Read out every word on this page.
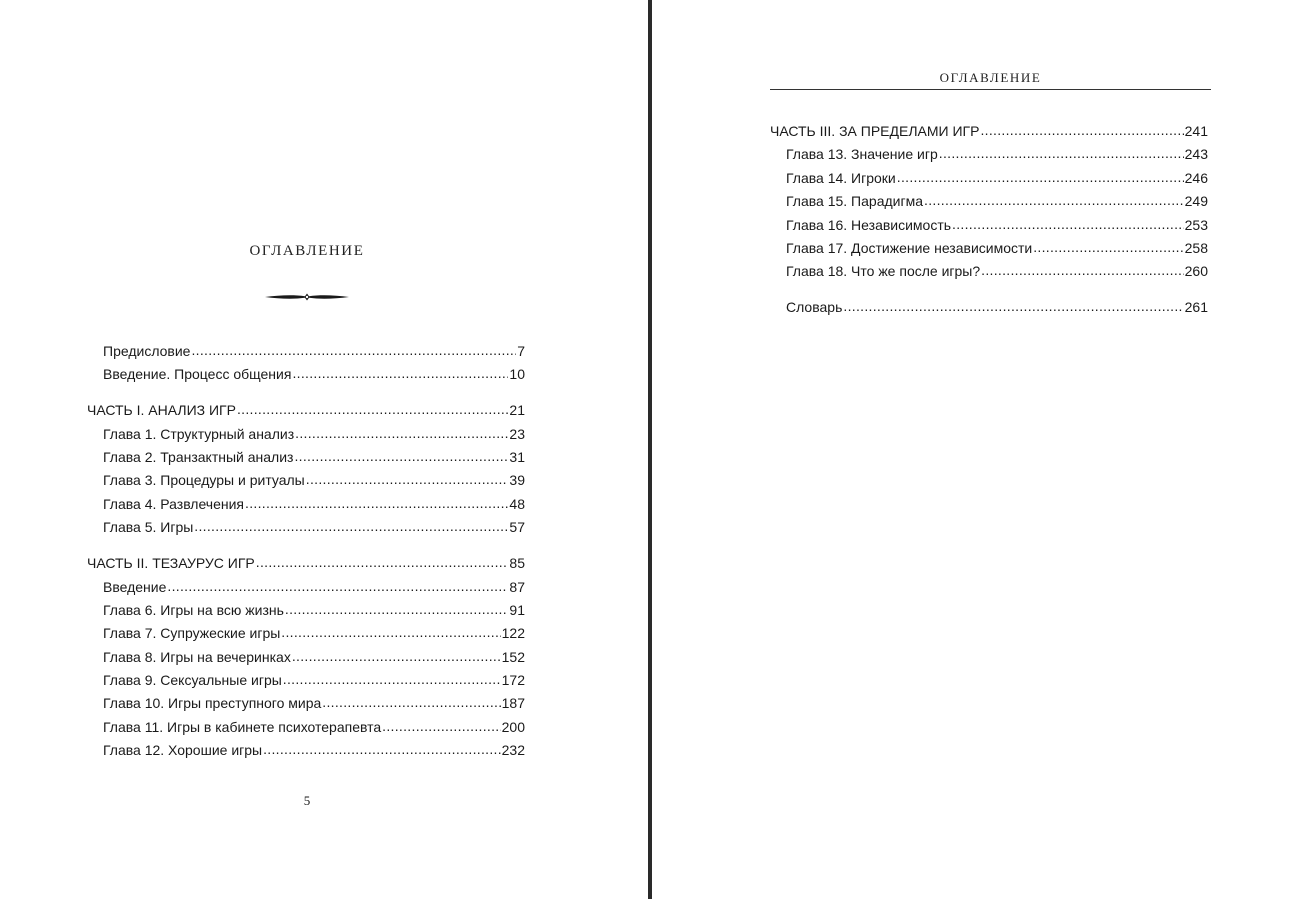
ОГЛАВЛЕНИЕ
Предисловие .....	7
Введение. Процесс общения .....	10
ЧАСТЬ I. АНАЛИЗ ИГР .....	21
Глава 1. Структурный анализ .....	23
Глава 2. Транзактный анализ .....	31
Глава 3. Процедуры и ритуалы .....	39
Глава 4. Развлечения .....	48
Глава 5. Игры .....	57
ЧАСТЬ II. ТЕЗАУРУС ИГР .....	85
Введение .....	87
Глава 6. Игры на всю жизнь .....	91
Глава 7. Супружеские игры .....	122
Глава 8. Игры на вечеринках .....	152
Глава 9. Сексуальные игры .....	172
Глава 10. Игры преступного мира .....	187
Глава 11. Игры в кабинете психотерапевта .....	200
Глава 12. Хорошие игры .....	232
5
ОГЛАВЛЕНИЕ
ЧАСТЬ III. ЗА ПРЕДЕЛАМИ ИГР .....	241
Глава 13. Значение игр .....	243
Глава 14. Игроки .....	246
Глава 15. Парадигма .....	249
Глава 16. Независимость .....	253
Глава 17. Достижение независимости .....	258
Глава 18. Что же после игры? .....	260
Словарь .....	261
